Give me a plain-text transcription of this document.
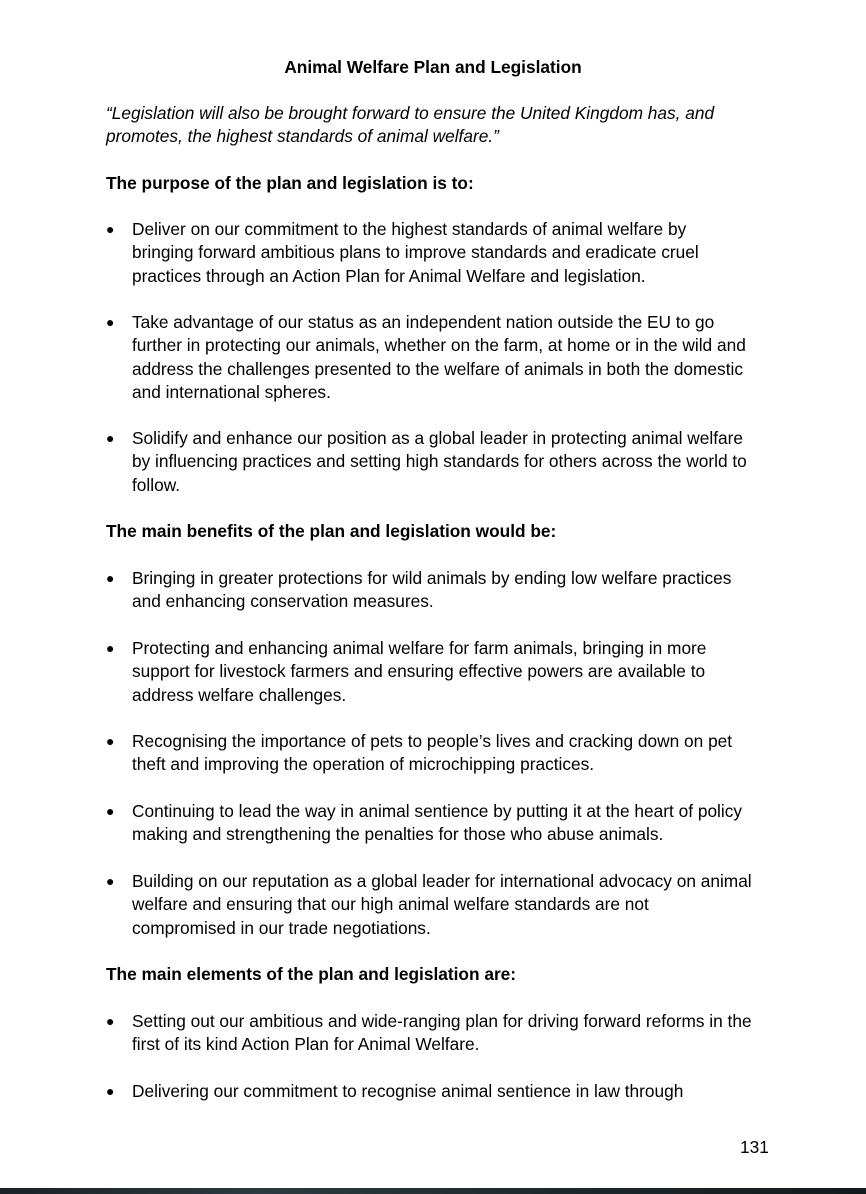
Animal Welfare Plan and Legislation
“Legislation will also be brought forward to ensure the United Kingdom has, and
promotes, the highest standards of animal welfare.”
The purpose of the plan and legislation is to:
●	Deliver on our commitment to the highest standards of animal welfare by
bringing forward ambitious plans to improve standards and eradicate cruel
practices through an Action Plan for Animal Welfare and legislation.
●	Take advantage of our status as an independent nation outside the EU to go
further in protecting our animals, whether on the farm, at home or in the wild and
address the challenges presented to the welfare of animals in both the domestic
and international spheres.
●	Solidify and enhance our position as a global leader in protecting animal welfare
by influencing practices and setting high standards for others across the world to
follow.
The main benefits of the plan and legislation would be:
●	Bringing in greater protections for wild animals by ending low welfare practices
and enhancing conservation measures.
●	Protecting and enhancing animal welfare for farm animals, bringing in more
support for livestock farmers and ensuring effective powers are available to
address welfare challenges.
●	Recognising the importance of pets to people’s lives and cracking down on pet
theft and improving the operation of microchipping practices.
●	Continuing to lead the way in animal sentience by putting it at the heart of policy
making and strengthening the penalties for those who abuse animals.
●	Building on our reputation as a global leader for international advocacy on animal
welfare and ensuring that our high animal welfare standards are not
compromised in our trade negotiations.
The main elements of the plan and legislation are:
●	Setting out our ambitious and wide-ranging plan for driving forward reforms in the
first of its kind Action Plan for Animal Welfare.
●	Delivering our commitment to recognise animal sentience in law through
131
